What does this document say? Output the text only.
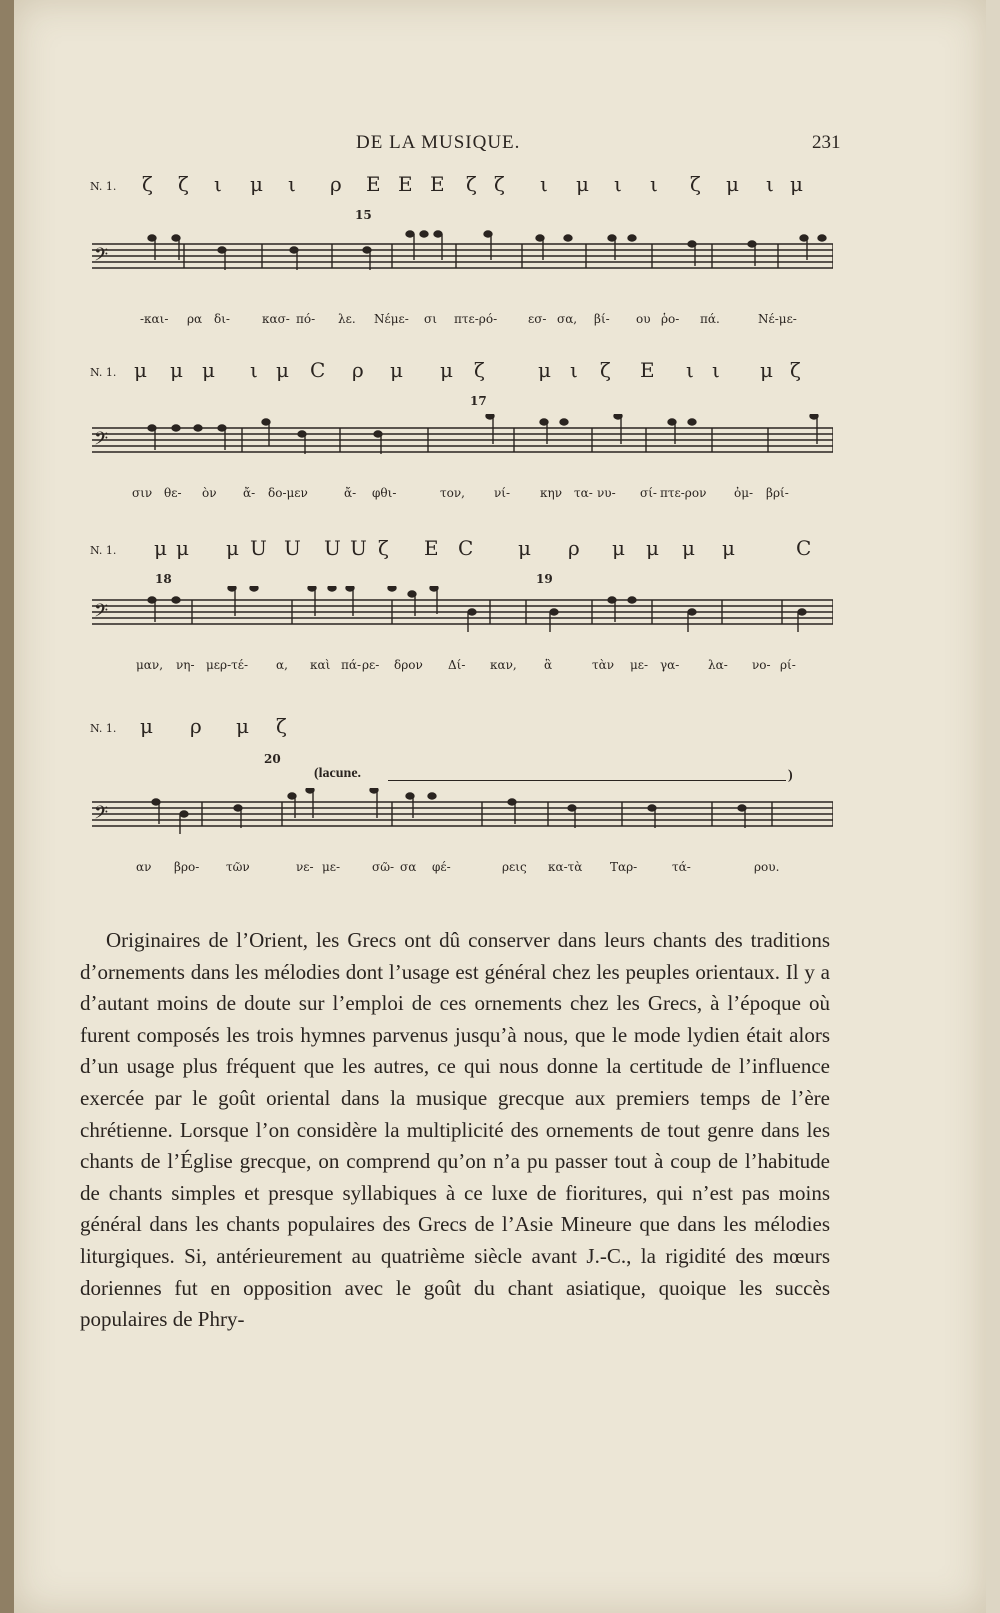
DE LA MUSIQUE.	231
N. 1. ζ ζ ι μ ι ρ E E E ζ ζ ι μ ι ι ζ μ ι μ
15
𝄢
-και- ρα δι-	κασ- πό- λε. Νέμε- σι πτε-ρό-	εσ- σα, βί- ου ῥο- πά.	Νέ-με-
N. 1. μ μ μ ι μ C ρ μ μ ζ	μ ι ζ E ι ι μ ζ
17
𝄢
σιν θε- ὸν ἄ- δο-μεν	ἄ- φθι-	τον, νί- κην τα- νυ- σί- πτε-ρον ὀμ- βρί-
N. 1. μ μ μ U U U U ζ E C μ ρ μ μ μ μ	C
18	19
𝄢
μαν, νη- μερ-τέ- α, καὶ πά- ρε- δρον Δί- καν, ἃ	τὰν με- γα- λα- νο- ρί-
N. 1. μ ρ μ ζ
20
(lacune.	)
𝄢
αν βρο- τῶν	νε- με-	σῶ- σα φέ-	ρεις κα-τὰ Ταρ-	τά-	ρου.

Originaires de l’Orient, les Grecs ont dû conserver dans leurs chants des traditions d’ornements dans les mélodies dont l’usage est général chez les peuples orientaux. Il y a d’autant moins de doute sur l’emploi de ces ornements chez les Grecs, à l’époque où furent composés les trois hymnes parvenus jusqu’à nous, que le mode lydien était alors d’un usage plus fréquent que les autres, ce qui nous donne la certitude de l’influence exercée par le goût oriental dans la musique grecque aux premiers temps de l’ère chrétienne. Lorsque l’on considère la multiplicité des ornements de tout genre dans les chants de l’Église grecque, on comprend qu’on n’a pu passer tout à coup de l’habitude de chants simples et presque syllabiques à ce luxe de fioritures, qui n’est pas moins général dans les chants populaires des Grecs de l’Asie Mineure que dans les mélodies liturgiques. Si, antérieurement au quatrième siècle avant J.-C., la rigidité des mœurs doriennes fut en opposition avec le goût du chant asiatique, quoique les succès populaires de Phry-
